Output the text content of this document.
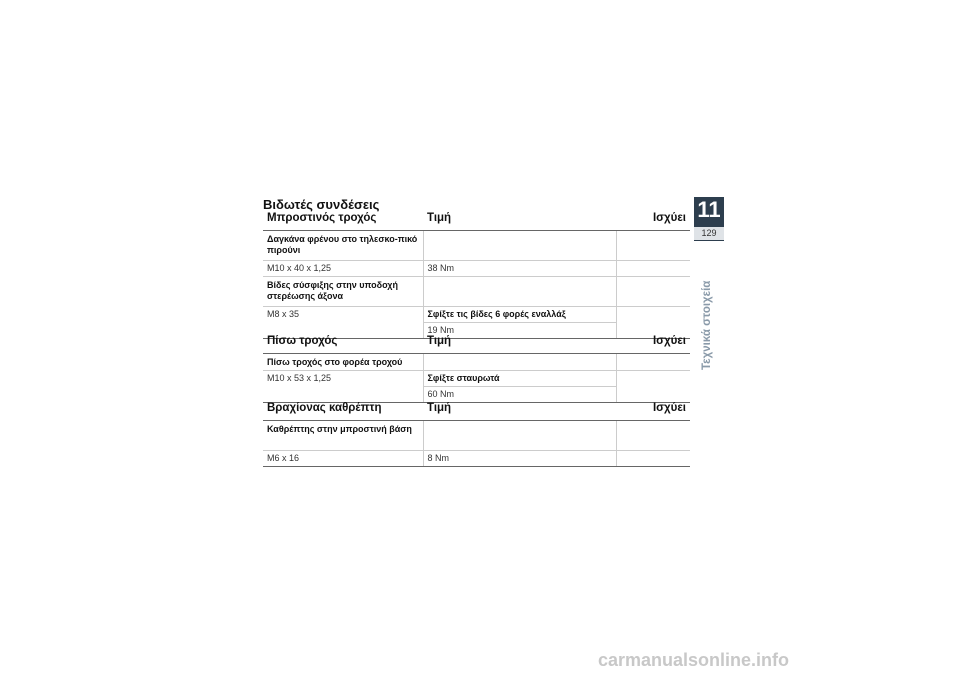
Βιδωτές συνδέσεις
Μπροστινός τροχός	Τιμή	Ισχύει
Δαγκάνα φρένου στο τηλεσκο-πικό πιρούνι		
M10 x 40 x 1,25	38 Nm	
Βίδες σύσφιξης στην υποδοχή στερέωσης άξονα		
M8 x 35	Σφίξτε τις βίδες 6 φορές εναλλάξ	
	19 Nm	
Πίσω τροχός	Τιμή	Ισχύει
Πίσω τροχός στο φορέα τροχού		
M10 x 53 x 1,25	Σφίξτε σταυρωτά	
	60 Nm	
Βραχίονας καθρέπτη	Τιμή	Ισχύει
Καθρέπτης στην μπροστινή βάση		
M6 x 16	8 Nm	
11
129
Τεχνικά στοιχεία
carmanualsonline.info
